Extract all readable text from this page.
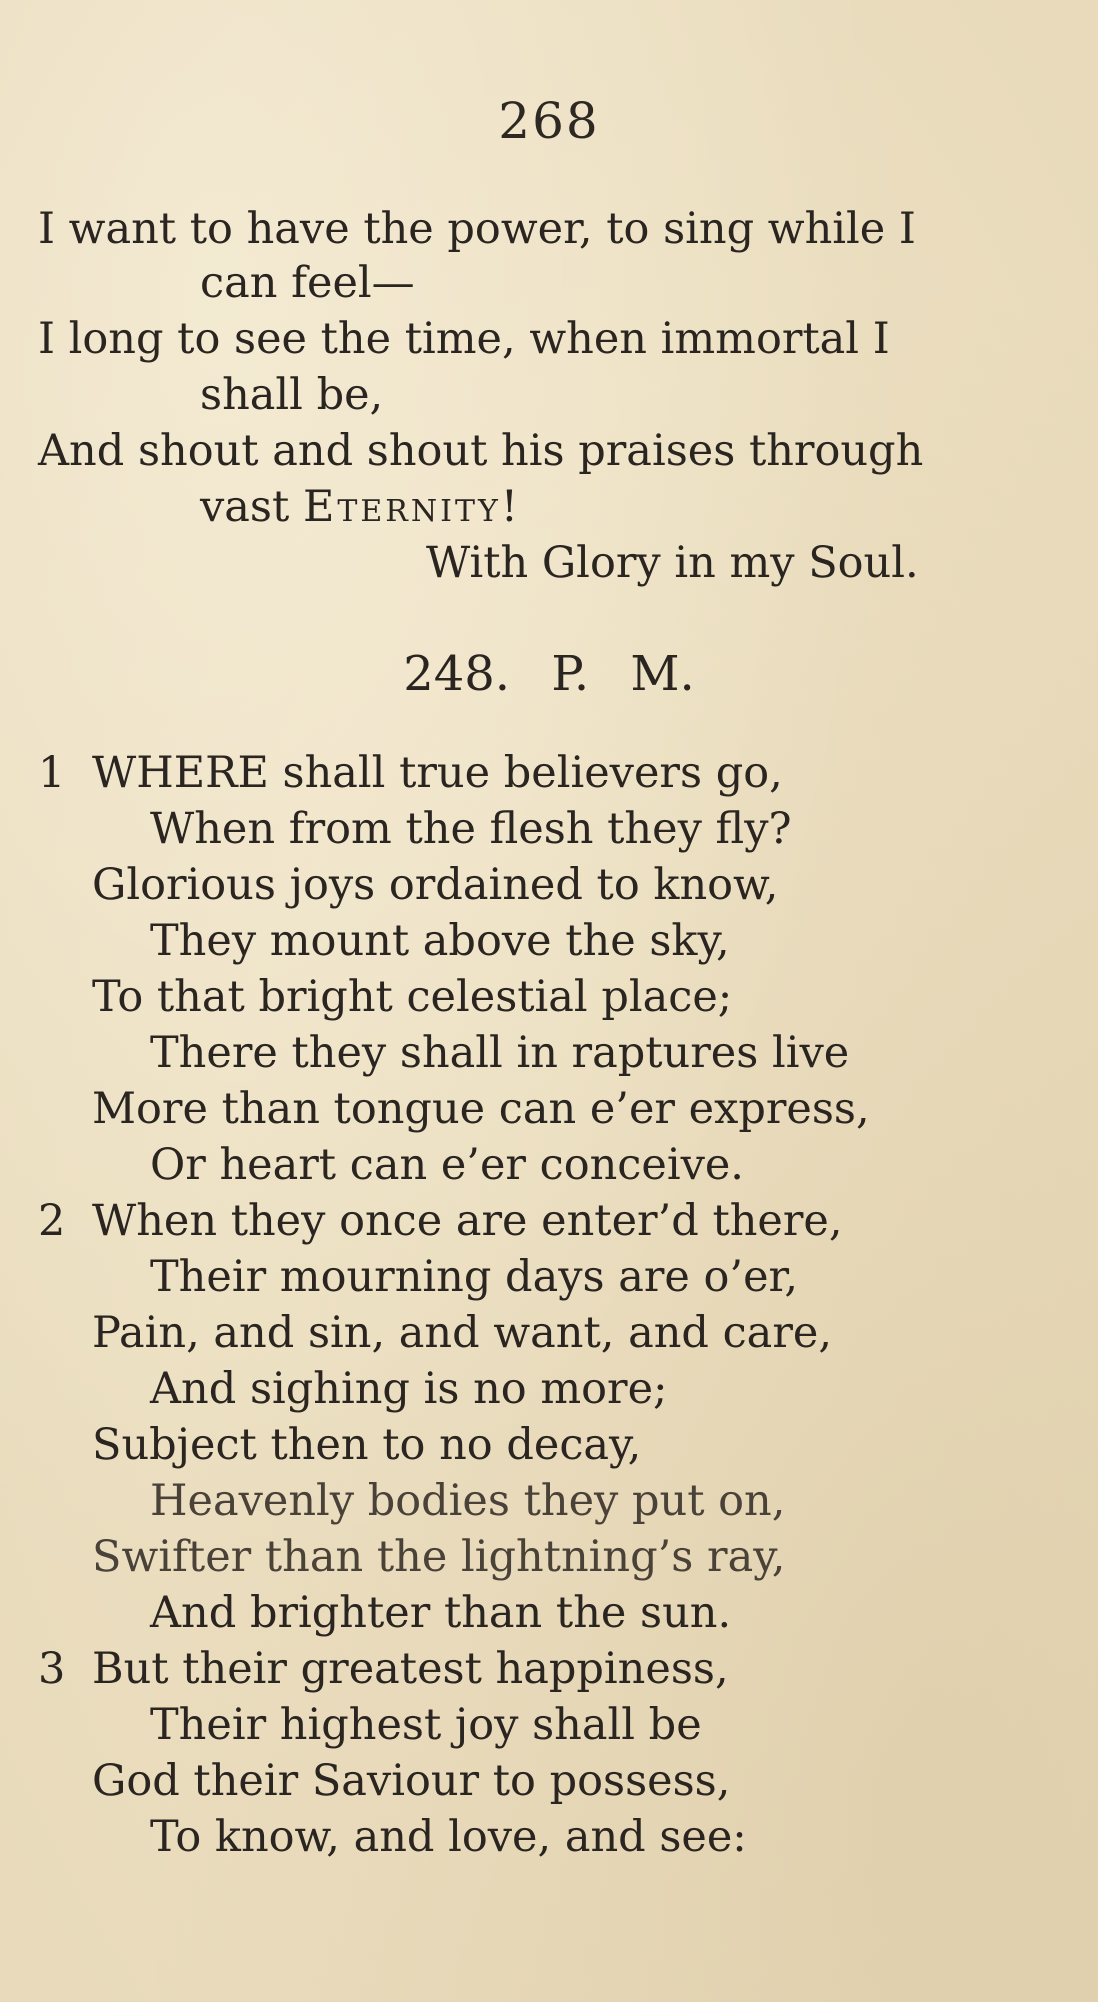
268
I want to have the power, to sing while I
can feel—
I long to see the time, when immortal I
shall be,
And shout and shout his praises through
vast Eternity!
With Glory in my Soul.
248. P. M.
1 WHERE shall true believers go,
When from the flesh they fly?
Glorious joys ordained to know,
They mount above the sky,
To that bright celestial place;
There they shall in raptures live
More than tongue can e’er express,
Or heart can e’er conceive.
2 When they once are enter’d there,
Their mourning days are o’er,
Pain, and sin, and want, and care,
And sighing is no more;
Subject then to no decay,
Heavenly bodies they put on,
Swifter than the lightning’s ray,
And brighter than the sun.
3 But their greatest happiness,
Their highest joy shall be
God their Saviour to possess,
To know, and love, and see:
